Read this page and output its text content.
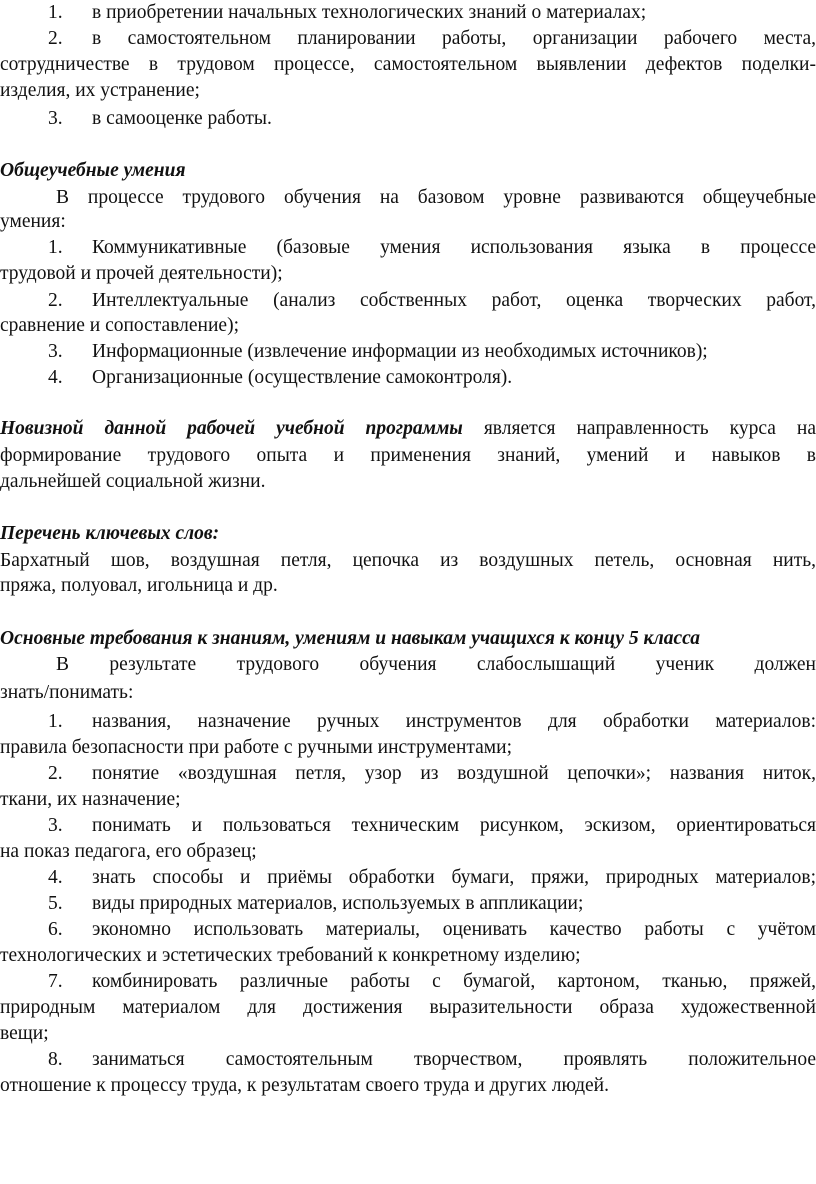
1. в приобретении начальных технологических знаний о материалах;
2. в самостоятельном планировании работы, организации рабочего места,
сотрудничестве в трудовом процессе, самостоятельном выявлении дефектов поделки-
изделия, их устранение;
3. в самооценке работы.
Общеучебные умения
В процессе трудового обучения на базовом уровне развиваются общеучебные
умения:
1. Коммуникативные (базовые умения использования языка в процессе
трудовой и прочей деятельности);
2. Интеллектуальные (анализ собственных работ, оценка творческих работ,
сравнение и сопоставление);
3. Информационные (извлечение информации из необходимых источников);
4. Организационные (осуществление самоконтроля).
Новизной данной рабочей учебной программы является направленность курса на
формирование трудового опыта и применения знаний, умений и навыков в
дальнейшей социальной жизни.
Перечень ключевых слов:
Бархатный шов, воздушная петля, цепочка из воздушных петель, основная нить,
пряжа, полуовал, игольница и др.
Основные требования к знаниям, умениям и навыкам учащихся к концу 5 класса
В результате трудового обучения слабослышащий ученик должен
знать/понимать:
1. названия, назначение ручных инструментов для обработки материалов:
правила безопасности при работе с ручными инструментами;
2. понятие «воздушная петля, узор из воздушной цепочки»; названия ниток,
ткани, их назначение;
3. понимать и пользоваться техническим рисунком, эскизом, ориентироваться
на показ педагога, его образец;
4. знать способы и приёмы обработки бумаги, пряжи, природных материалов;
5. виды природных материалов, используемых в аппликации;
6. экономно использовать материалы, оценивать качество работы с учётом
технологических и эстетических требований к конкретному изделию;
7. комбинировать различные работы с бумагой, картоном, тканью, пряжей,
природным материалом для достижения выразительности образа художественной
вещи;
8. заниматься самостоятельным творчеством, проявлять положительное
отношение к процессу труда, к результатам своего труда и других людей.
